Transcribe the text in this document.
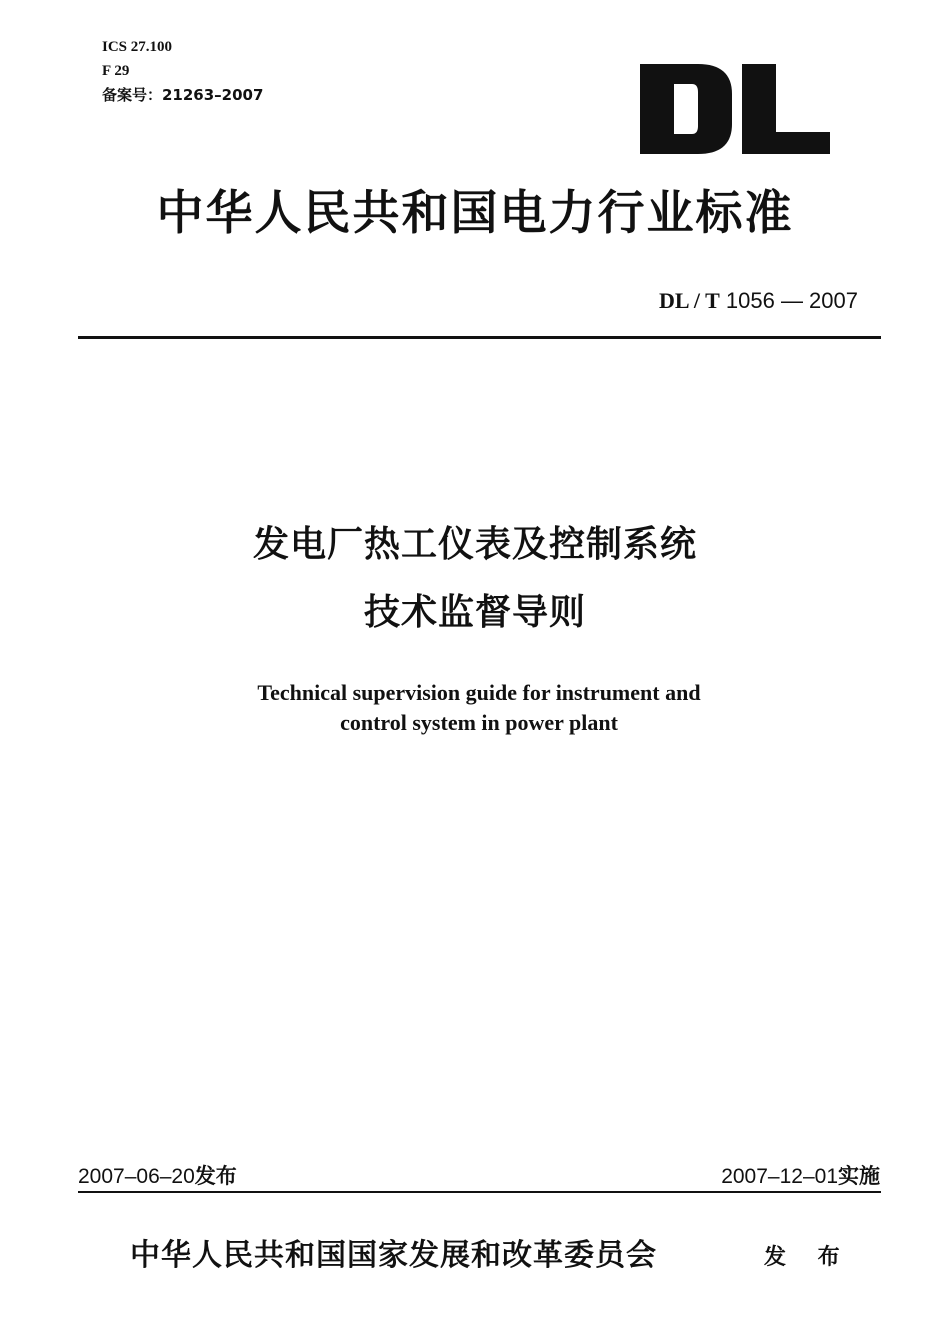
ICS 27.100
F 29
备案号：21263–2007
中华人民共和国电力行业标准
DL / T 1056 — 2007
发电厂热工仪表及控制系统
技术监督导则
Technical supervision guide for instrument and
control system in power plant
2007–06–20发布	2007–12–01实施
中华人民共和国国家发展和改革委员会	发 布
